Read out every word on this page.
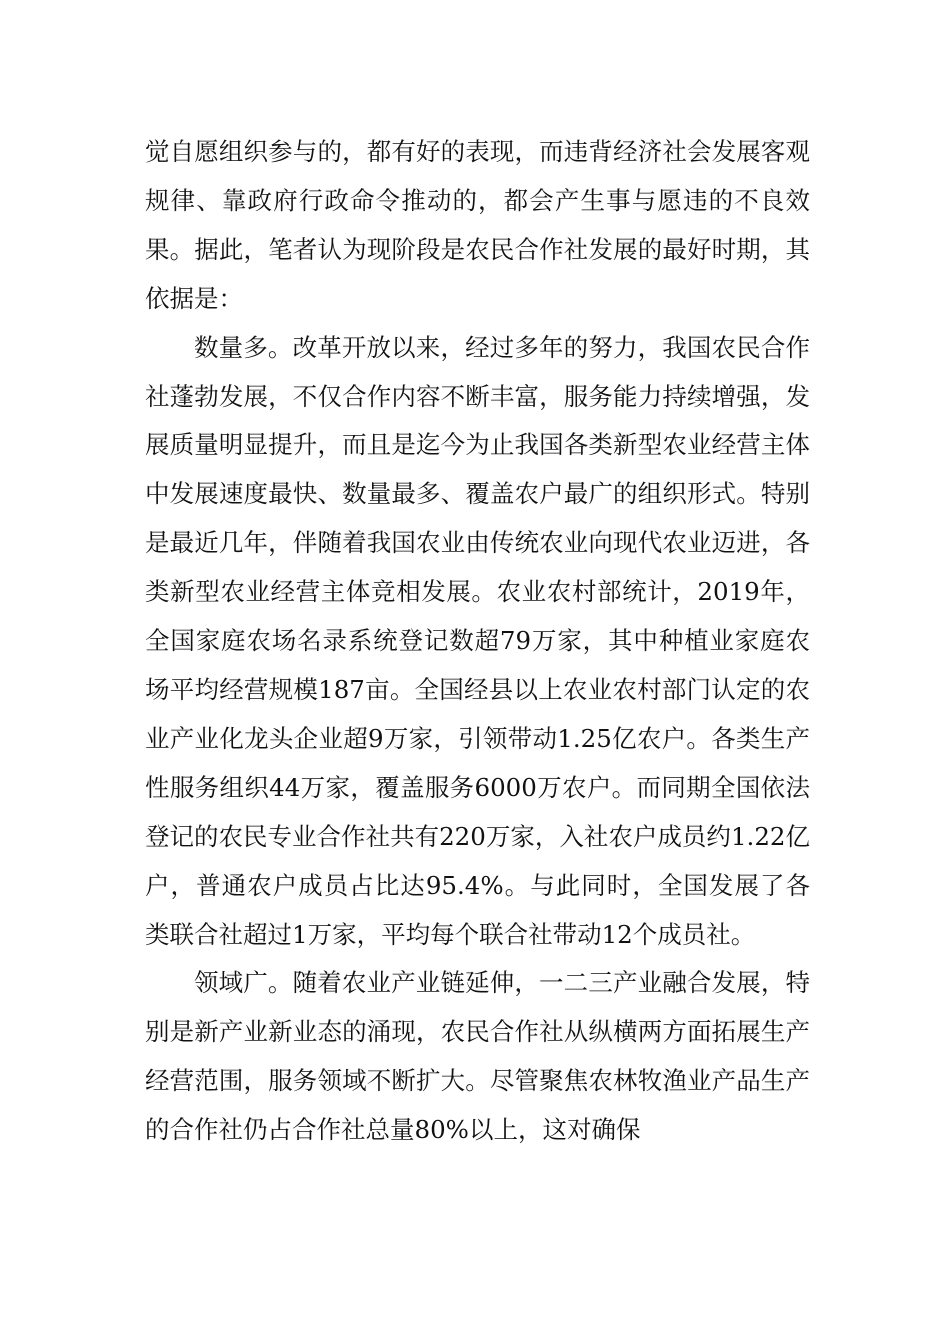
觉自愿组织参与的，都有好的表现，而违背经济社会发展客观规律、靠政府行政命令推动的，都会产生事与愿违的不良效果。据此，笔者认为现阶段是农民合作社发展的最好时期，其依据是：

数量多。改革开放以来，经过多年的努力，我国农民合作社蓬勃发展，不仅合作内容不断丰富，服务能力持续增强，发展质量明显提升，而且是迄今为止我国各类新型农业经营主体中发展速度最快、数量最多、覆盖农户最广的组织形式。特别是最近几年，伴随着我国农业由传统农业向现代农业迈进，各类新型农业经营主体竞相发展。农业农村部统计，2019年，全国家庭农场名录系统登记数超79万家，其中种植业家庭农场平均经营规模187亩。全国经县以上农业农村部门认定的农业产业化龙头企业超9万家，引领带动1.25亿农户。各类生产性服务组织44万家，覆盖服务6000万农户。而同期全国依法登记的农民专业合作社共有220万家，入社农户成员约1.22亿户，普通农户成员占比达95.4%。与此同时，全国发展了各类联合社超过1万家，平均每个联合社带动12个成员社。

领域广。随着农业产业链延伸，一二三产业融合发展，特别是新产业新业态的涌现，农民合作社从纵横两方面拓展生产经营范围，服务领域不断扩大。尽管聚焦农林牧渔业产品生产的合作社仍占合作社总量80%以上，这对确保
